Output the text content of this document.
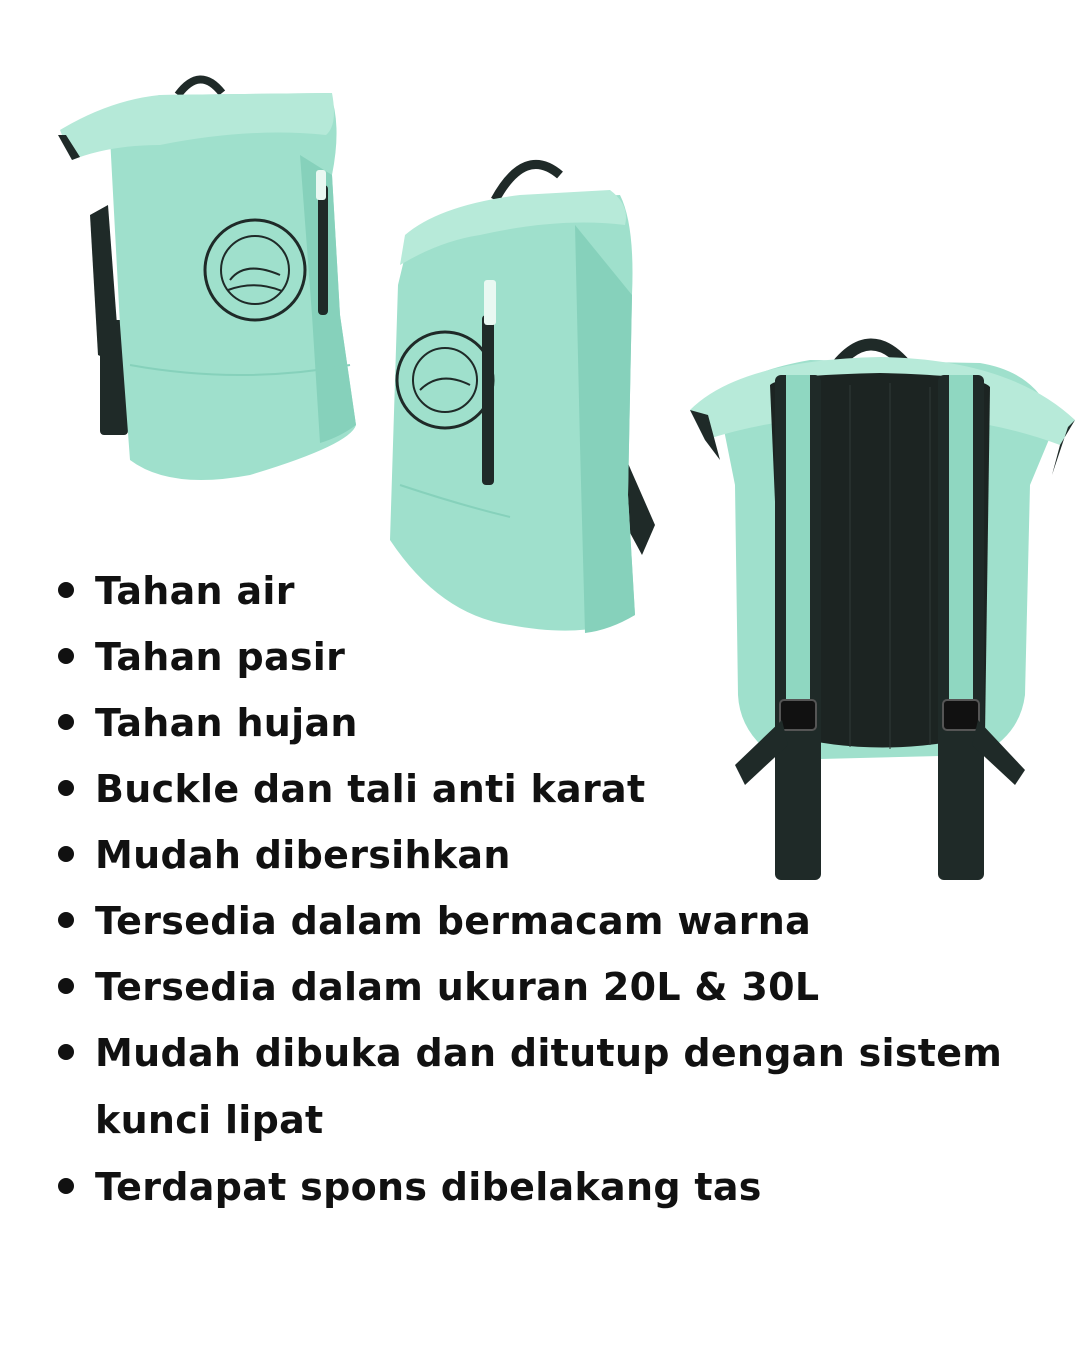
Tahan air
Tahan pasir
Tahan hujan
Buckle dan tali anti karat
Mudah dibersihkan
Tersedia dalam bermacam warna
Tersedia dalam ukuran 20L & 30L
Mudah dibuka dan ditutup dengan sistem kunci lipat
Terdapat spons dibelakang tas
